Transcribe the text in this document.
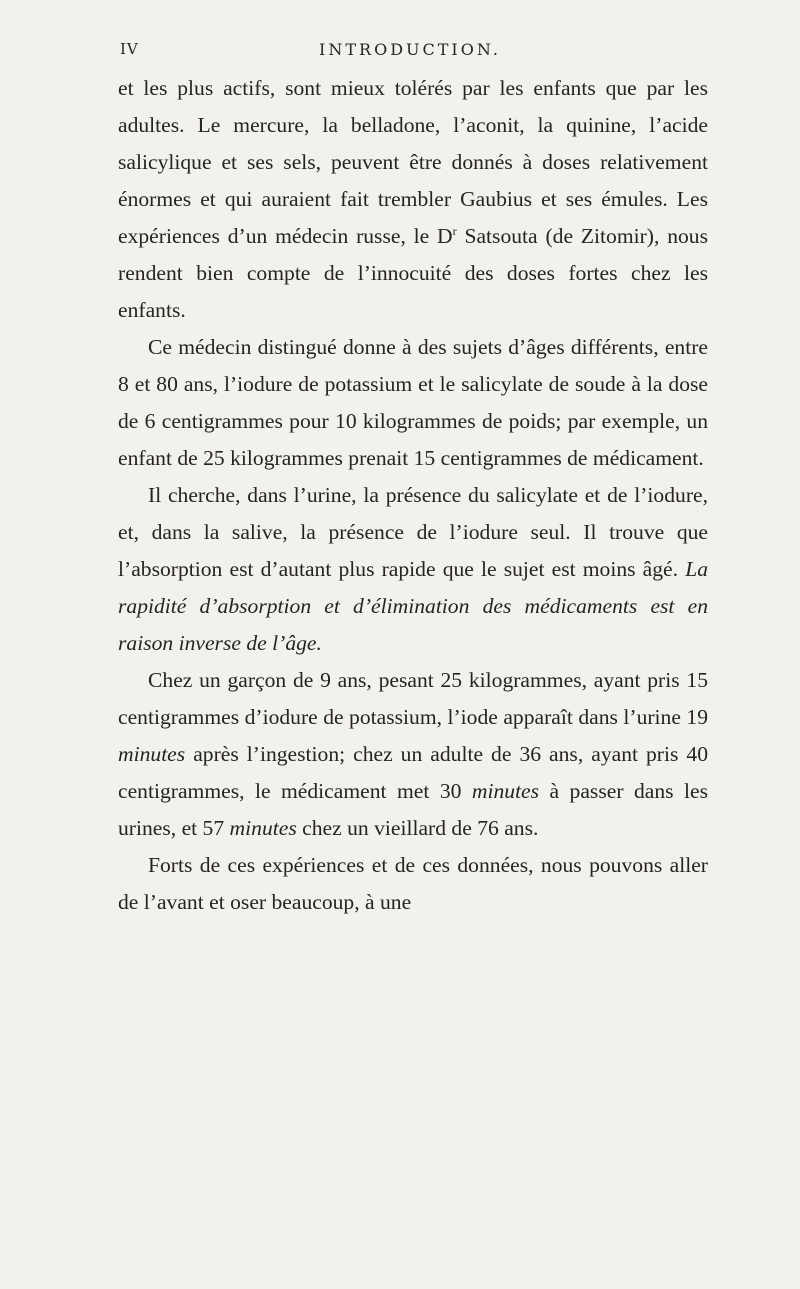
IV	INTRODUCTION.

et les plus actifs, sont mieux tolérés par les enfants que par les adultes. Le mercure, la belladone, l’aconit, la quinine, l’acide salicylique et ses sels, peuvent être donnés à doses relativement énormes et qui auraient fait trembler Gaubius et ses émules. Les expériences d’un médecin russe, le $D^r$ Satsouta (de Zitomir), nous rendent bien compte de l’innocuité des doses fortes chez les enfants.

Ce médecin distingué donne à des sujets d’âges différents, entre 8 et 80 ans, l’iodure de potassium et le salicylate de soude à la dose de 6 centigrammes pour 10 kilogrammes de poids; par exemple, un enfant de 25 kilogrammes prenait 15 centigrammes de médicament.

Il cherche, dans l’urine, la présence du salicylate et de l’iodure, et, dans la salive, la présence de l’iodure seul. Il trouve que l’absorption est d’autant plus rapide que le sujet est moins âgé. La rapidité d’absorption et d’élimination des médicaments est en raison inverse de l’âge.

Chez un garçon de 9 ans, pesant 25 kilogrammes, ayant pris 15 centigrammes d’iodure de potassium, l’iode apparaît dans l’urine 19 minutes après l’ingestion; chez un adulte de 36 ans, ayant pris 40 centigrammes, le médicament met 30 minutes à passer dans les urines, et 57 minutes chez un vieillard de 76 ans.

Forts de ces expériences et de ces données, nous pouvons aller de l’avant et oser beaucoup, à une
